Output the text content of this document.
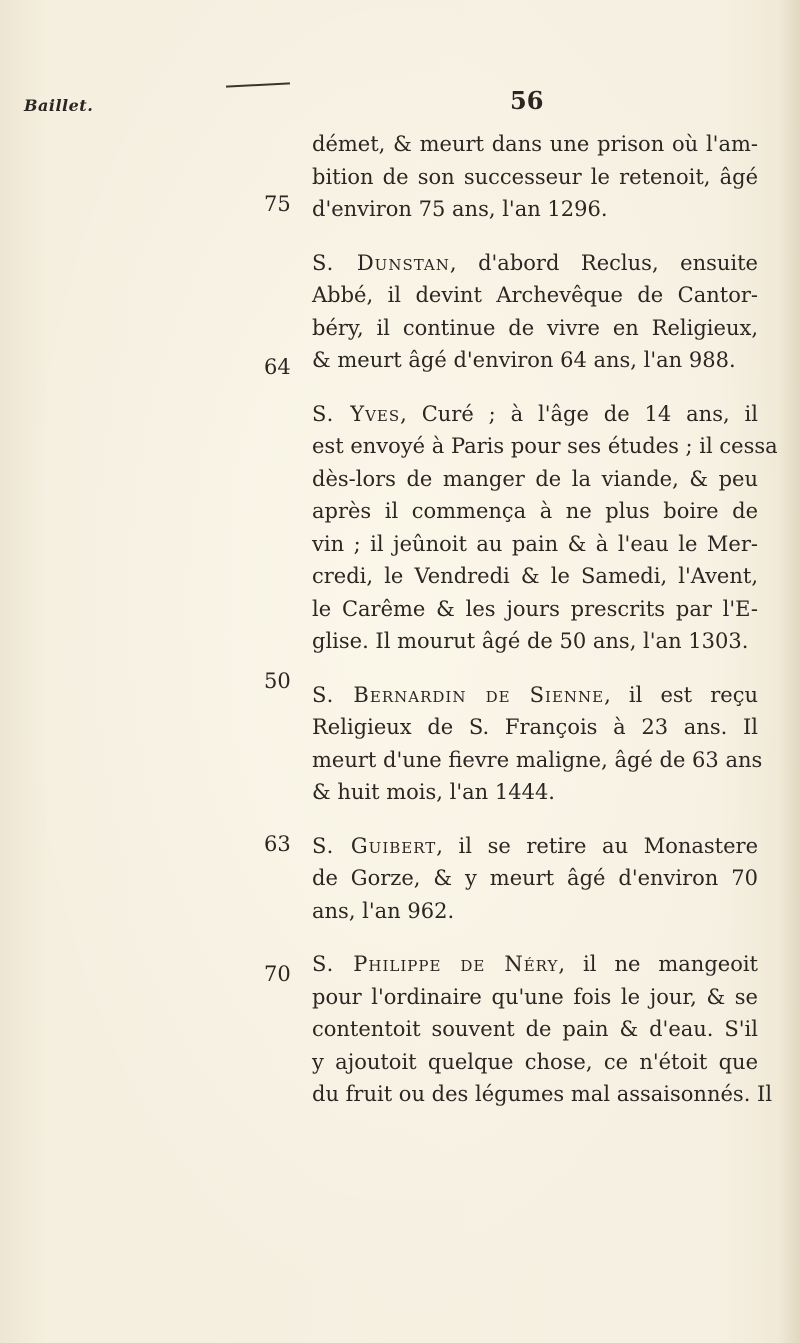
Baillet.	56
75
64
50
63
70
démet, & meurt dans une prison où l'am-
bition de son successeur le retenoit, âgé
d'environ 75 ans, l'an 1296.
S. Dunstan, d'abord Reclus, ensuite
Abbé, il devint Archevêque de Cantor-
béry, il continue de vivre en Religieux,
& meurt âgé d'environ 64 ans, l'an 988.
S. Yves, Curé ; à l'âge de 14 ans, il
est envoyé à Paris pour ses études ; il cessa
dès-lors de manger de la viande, & peu
après il commença à ne plus boire de
vin ; il jeûnoit au pain & à l'eau le Mer-
credi, le Vendredi & le Samedi, l'Avent,
le Carême & les jours prescrits par l'E-
glise. Il mourut âgé de 50 ans, l'an 1303.
S. Bernardin de Sienne, il est reçu
Religieux de S. François à 23 ans. Il
meurt d'une fievre maligne, âgé de 63 ans
& huit mois, l'an 1444.
S. Guibert, il se retire au Monastere
de Gorze, & y meurt âgé d'environ 70
ans, l'an 962.
S. Philippe de Néry, il ne mangeoit
pour l'ordinaire qu'une fois le jour, & se
contentoit souvent de pain & d'eau. S'il
y ajoutoit quelque chose, ce n'étoit que
du fruit ou des légumes mal assaisonnés. Il
